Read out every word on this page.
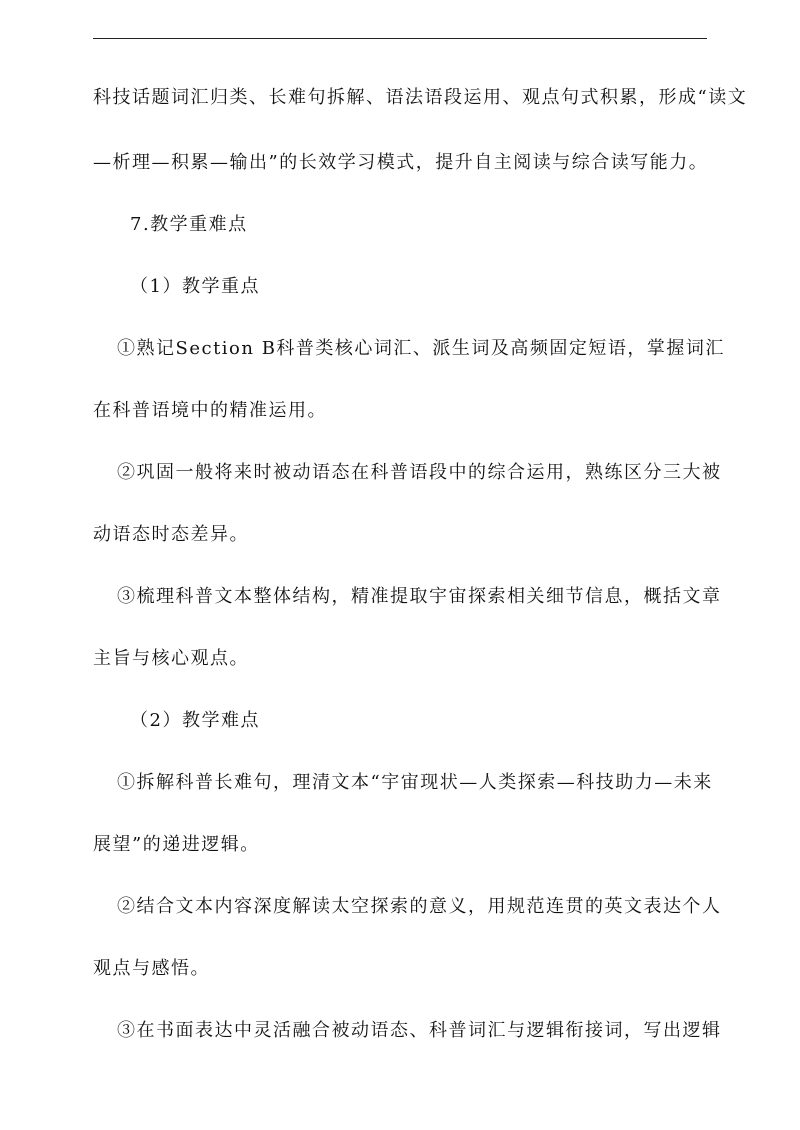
科技话题词汇归类、长难句拆解、语法语段运用、观点句式积累，形成“读文
—析理—积累—输出”的长效学习模式，提升自主阅读与综合读写能力。
7.教学重难点
（1）教学重点
①熟记Section B科普类核心词汇、派生词及高频固定短语，掌握词汇
在科普语境中的精准运用。
②巩固一般将来时被动语态在科普语段中的综合运用，熟练区分三大被
动语态时态差异。
③梳理科普文本整体结构，精准提取宇宙探索相关细节信息，概括文章
主旨与核心观点。
（2）教学难点
①拆解科普长难句，理清文本“宇宙现状—人类探索—科技助力—未来
展望”的递进逻辑。
②结合文本内容深度解读太空探索的意义，用规范连贯的英文表达个人
观点与感悟。
③在书面表达中灵活融合被动语态、科普词汇与逻辑衔接词，写出逻辑
